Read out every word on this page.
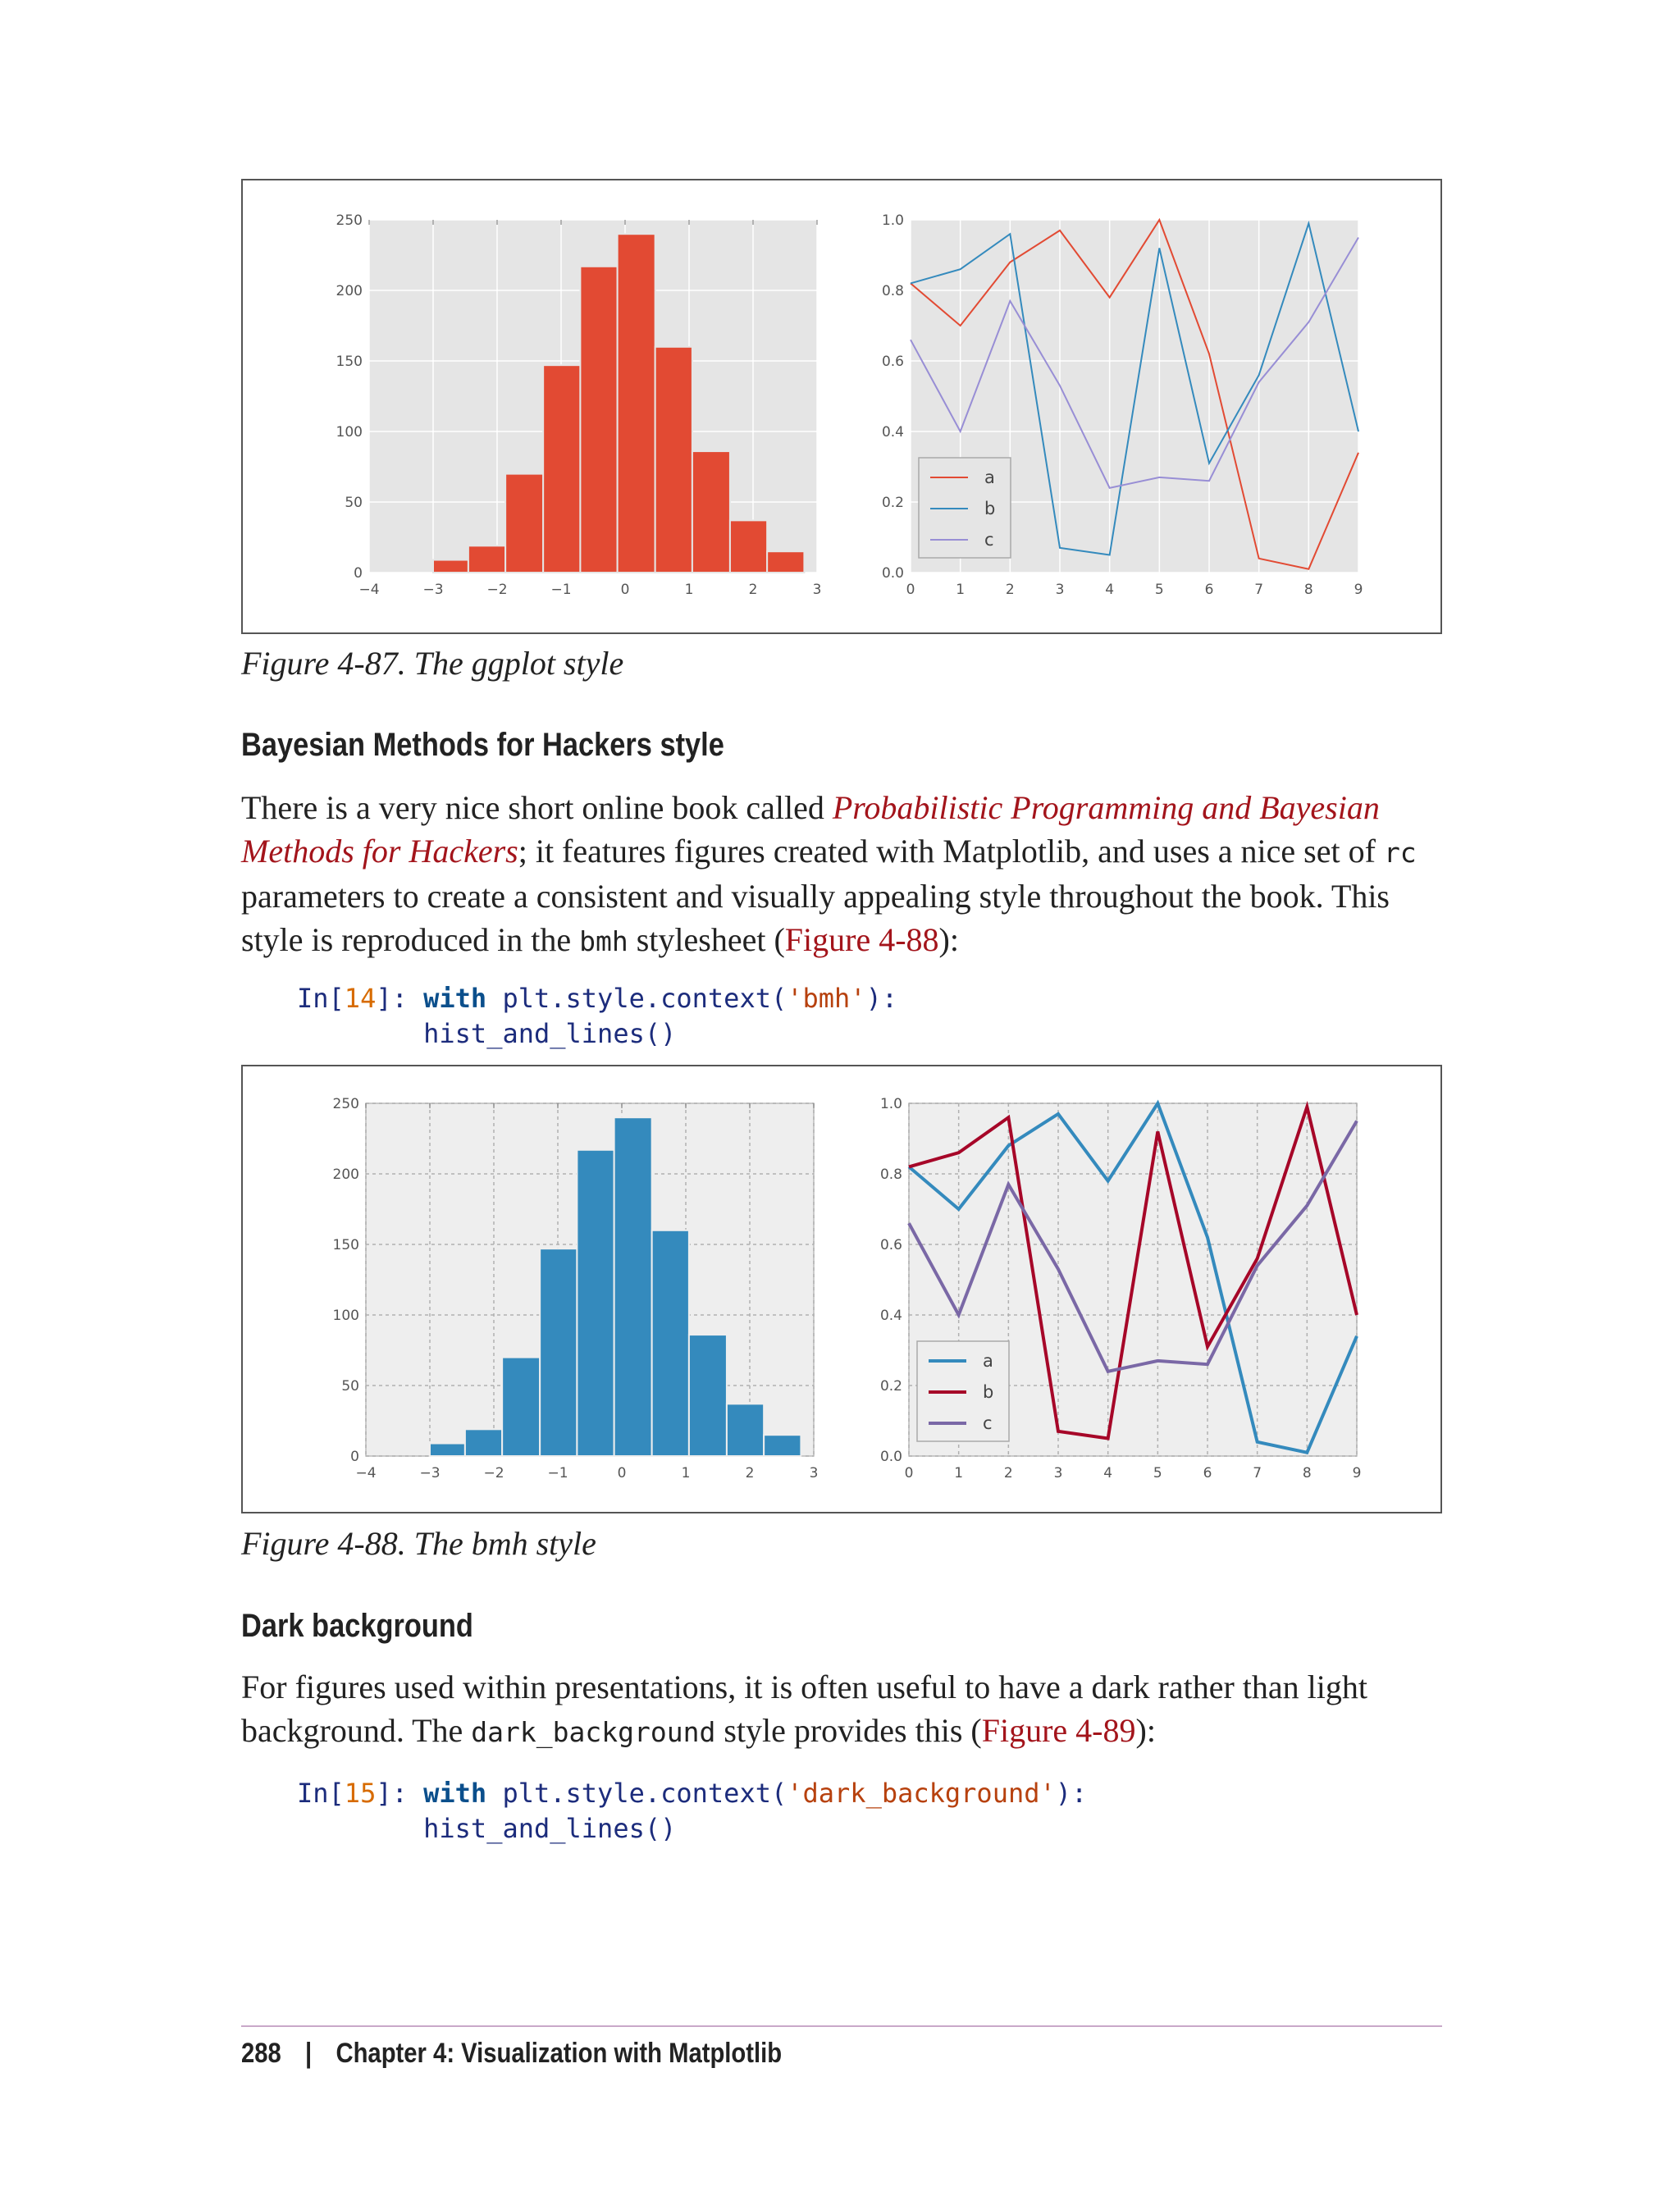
−4	−3	−2	−1	0	1	2	3
0
50
100
150
200
250
0	1	2	3	4	5	6	7	8	9
0.0
0.2
0.4
0.6
0.8
1.0
a
b
c
Figure 4-87. The ggplot style
Bayesian Methods for Hackers style
There is a very nice short online book called Probabilistic Programming and Bayesian Methods for Hackers; it features figures created with Matplotlib, and uses a nice set of rc parameters to create a consistent and visually appealing style throughout the book. This style is reproduced in the bmh stylesheet (Figure 4-88):
In[14]: with plt.style.context('bmh'):
hist_and_lines()
−4	−3	−2	−1	0	1	2	3
0
50
100
150
200
250
0	1	2	3	4	5	6	7	8	9
0.0
0.2
0.4
0.6
0.8
1.0
a
b
c
Figure 4-88. The bmh style
Dark background
For figures used within presentations, it is often useful to have a dark rather than light background. The dark_background style provides this (Figure 4-89):
In[15]: with plt.style.context('dark_background'):
hist_and_lines()
288 | Chapter 4: Visualization with Matplotlib
